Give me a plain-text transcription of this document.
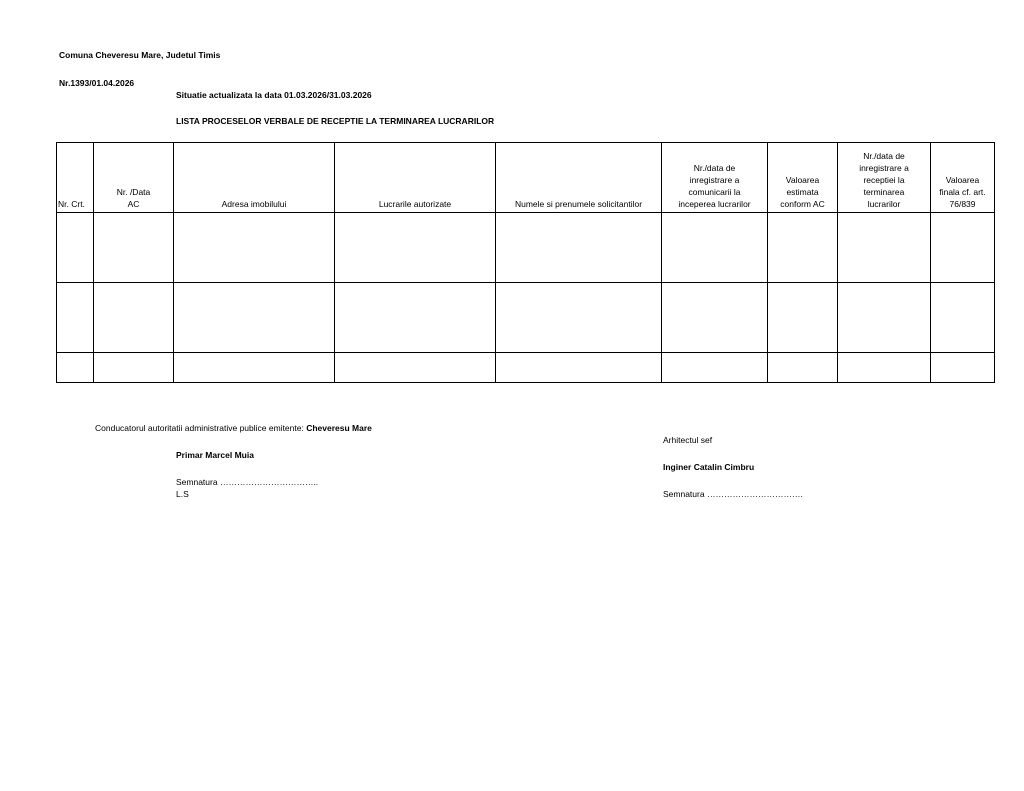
Comuna Cheveresu Mare, Judetul Timis
Nr.1393/01.04.2026
Situatie actualizata la data 01.03.2026/31.03.2026
LISTA PROCESELOR VERBALE DE RECEPTIE LA TERMINAREA LUCRARILOR
Nr. Crt.	Nr. /Data
AC	Adresa imobilului	Lucrarile autorizate	Numele si prenumele solicitantilor	Nr./data de
inregistrare a
comunicarii la
inceperea lucrarilor	Valoarea
estimata
conform AC	Nr./data de
inregistrare a
receptiei la
terminarea
lucrarilor	Valoarea
finala cf. art.
76/839

Conducatorul autoritatii administrative publice emitente: Cheveresu Mare
Primar Marcel Muia
Semnatura ……………………………..
L.S
Arhitectul sef
Inginer Catalin Cimbru
Semnatura …………………………….
